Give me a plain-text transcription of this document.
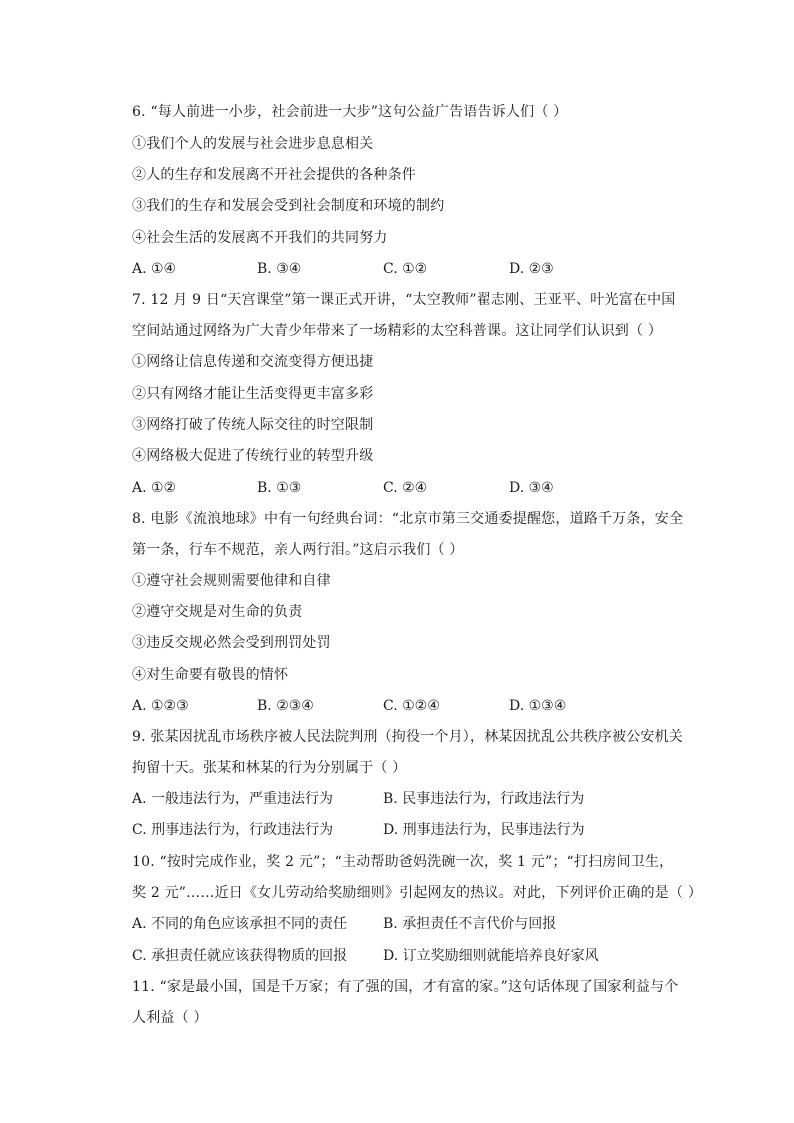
6. “每人前进一小步，社会前进一大步”这句公益广告语告诉人们（ ）
①我们个人的发展与社会进步息息相关
②人的生存和发展离不开社会提供的各种条件
③我们的生存和发展会受到社会制度和环境的制约
④社会生活的发展离不开我们的共同努力
A. ①④	B. ③④	C. ①②	D. ②③
7. 12 月 9 日“天宫课堂”第一课正式开讲，“太空教师”翟志刚、王亚平、叶光富在中国
空间站通过网络为广大青少年带来了一场精彩的太空科普课。这让同学们认识到（ ）
①网络让信息传递和交流变得方便迅捷
②只有网络才能让生活变得更丰富多彩
③网络打破了传统人际交往的时空限制
④网络极大促进了传统行业的转型升级
A. ①②	B. ①③	C. ②④	D. ③④
8. 电影《流浪地球》中有一句经典台词：“北京市第三交通委提醒您，道路千万条，安全
第一条，行车不规范，亲人两行泪。”这启示我们（ ）
①遵守社会规则需要他律和自律
②遵守交规是对生命的负责
③违反交规必然会受到刑罚处罚
④对生命要有敬畏的情怀
A. ①②③	B. ②③④	C. ①②④	D. ①③④
9. 张某因扰乱市场秩序被人民法院判刑（拘役一个月），林某因扰乱公共秩序被公安机关
拘留十天。张某和林某的行为分别属于（ ）
A. 一般违法行为，严重违法行为	B. 民事违法行为，行政违法行为
C. 刑事违法行为，行政违法行为	D. 刑事违法行为，民事违法行为
10. “按时完成作业，奖 2 元”；“主动帮助爸妈洗碗一次，奖 1 元”；“打扫房间卫生，
奖 2 元”……近日《女儿劳动给奖励细则》引起网友的热议。对此，下列评价正确的是（ ）
A. 不同的角色应该承担不同的责任	B. 承担责任不言代价与回报
C. 承担责任就应该获得物质的回报	D. 订立奖励细则就能培养良好家风
11. “家是最小国，国是千万家；有了强的国，才有富的家。”这句话体现了国家利益与个
人利益（ ）
